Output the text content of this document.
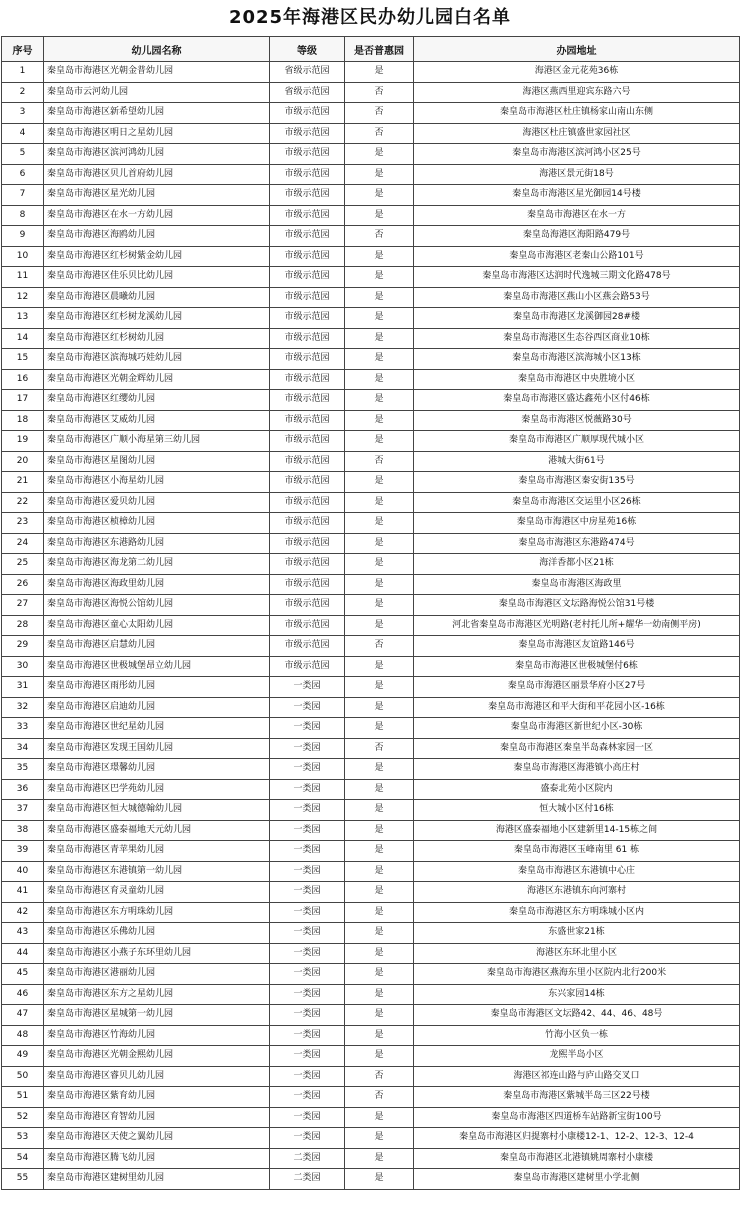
2025年海港区民办幼儿园白名单
序号	幼儿园名称	等级	是否普惠园	办园地址
1	秦皇岛市海港区光朝金普幼儿园	省级示范园	是	海港区金元花苑36栋
2	秦皇岛市云河幼儿园	省级示范园	否	海港区燕西里迎宾东路六号
3	秦皇岛市海港区新希望幼儿园	市级示范园	否	秦皇岛市海港区杜庄镇杨家山南山东侧
4	秦皇岛市海港区明日之星幼儿园	市级示范园	否	海港区杜庄镇盛世家园社区
5	秦皇岛市海港区滨河鸿幼儿园	市级示范园	是	秦皇岛市海港区滨河鸿小区25号
6	秦皇岛市海港区贝儿首府幼儿园	市级示范园	是	海港区景元街18号
7	秦皇岛市海港区星光幼儿园	市级示范园	是	秦皇岛市海港区星光御园14号楼
8	秦皇岛市海港区在水一方幼儿园	市级示范园	是	秦皇岛市海港区在水一方
9	秦皇岛市海港区海鸥幼儿园	市级示范园	否	秦皇岛海港区海阳路479号
10	秦皇岛市海港区红杉树紫金幼儿园	市级示范园	是	秦皇岛市海港区老秦山公路101号
11	秦皇岛市海港区佳乐贝比幼儿园	市级示范园	是	秦皇岛市海港区达润时代逸城三期文化路478号
12	秦皇岛市海港区晨曦幼儿园	市级示范园	是	秦皇岛市海港区燕山小区燕会路53号
13	秦皇岛市海港区红杉树龙溪幼儿园	市级示范园	是	秦皇岛市海港区龙溪御园28#楼
14	秦皇岛市海港区红杉树幼儿园	市级示范园	是	秦皇岛市海港区生态谷西区商业10栋
15	秦皇岛市海港区滨海城巧娃幼儿园	市级示范园	是	秦皇岛市海港区滨海城小区13栋
16	秦皇岛市海港区光朝金辉幼儿园	市级示范园	是	秦皇岛市海港区中央胜境小区
17	秦皇岛市海港区红缨幼儿园	市级示范园	是	秦皇岛市海港区盛达鑫苑小区付46栋
18	秦皇岛市海港区艾威幼儿园	市级示范园	是	秦皇岛市海港区悦薇路30号
19	秦皇岛市海港区广顺小海星第三幼儿园	市级示范园	是	秦皇岛市海港区广顺厚现代城小区
20	秦皇岛市海港区星图幼儿园	市级示范园	否	港城大街61号
21	秦皇岛市海港区小海星幼儿园	市级示范园	是	秦皇岛市海港区秦安街135号
22	秦皇岛市海港区爱贝幼儿园	市级示范园	是	秦皇岛市海港区交运里小区26栋
23	秦皇岛市海港区桢樟幼儿园	市级示范园	是	秦皇岛市海港区中房星苑16栋
24	秦皇岛市海港区东港路幼儿园	市级示范园	是	秦皇岛市海港区东港路474号
25	秦皇岛市海港区海龙第二幼儿园	市级示范园	是	海洋香都小区21栋
26	秦皇岛市海港区海政里幼儿园	市级示范园	是	秦皇岛市海港区海政里
27	秦皇岛市海港区海悦公馆幼儿园	市级示范园	是	秦皇岛市海港区文坛路海悦公馆31号楼
28	秦皇岛市海港区童心太阳幼儿园	市级示范园	是	河北省秦皇岛市海港区光明路(老村托儿所+耀华一幼南侧平房)
29	秦皇岛市海港区启慧幼儿园	市级示范园	否	秦皇岛市海港区友谊路146号
30	秦皇岛市海港区世极城堡昂立幼儿园	市级示范园	是	秦皇岛市海港区世极城堡付6栋
31	秦皇岛市海港区雨彤幼儿园	一类园	是	秦皇岛市海港区丽景华府小区27号
32	秦皇岛市海港区启迪幼儿园	一类园	是	秦皇岛市海港区和平大街和平花园小区-16栋
33	秦皇岛市海港区世纪星幼儿园	一类园	是	秦皇岛市海港区新世纪小区-30栋
34	秦皇岛市海港区发现王国幼儿园	一类园	否	秦皇岛市海港区秦皇半岛森林家园一区
35	秦皇岛市海港区璟馨幼儿园	一类园	是	秦皇岛市海港区海港镇小高庄村
36	秦皇岛市海港区巴学苑幼儿园	一类园	是	盛泰北苑小区院内
37	秦皇岛市海港区恒大城德翰幼儿园	一类园	是	恒大城小区付16栋
38	秦皇岛市海港区盛泰福地天元幼儿园	一类园	是	海港区盛泰福地小区建新里14-15栋之间
39	秦皇岛市海港区青苹果幼儿园	一类园	是	秦皇岛市海港区玉峰南里 61 栋
40	秦皇岛市海港区东港镇第一幼儿园	一类园	是	秦皇岛市海港区东港镇中心庄
41	秦皇岛市海港区育灵童幼儿园	一类园	是	海港区东港镇东向河寨村
42	秦皇岛市海港区东方明珠幼儿园	一类园	是	秦皇岛市海港区东方明珠城小区内
43	秦皇岛市海港区乐佛幼儿园	一类园	是	东盛世家21栋
44	秦皇岛市海港区小燕子东环里幼儿园	一类园	是	海港区东环北里小区
45	秦皇岛市海港区港丽幼儿园	一类园	是	秦皇岛市海港区燕海东里小区院内北行200米
46	秦皇岛市海港区东方之星幼儿园	一类园	是	东兴家园14栋
47	秦皇岛市海港区星城第一幼儿园	一类园	是	秦皇岛市海港区文坛路42、44、46、48号
48	秦皇岛市海港区竹海幼儿园	一类园	是	竹海小区负一栋
49	秦皇岛市海港区光朝金熙幼儿园	一类园	是	龙熙半岛小区
50	秦皇岛市海港区睿贝儿幼儿园	一类园	否	海港区祁连山路与庐山路交叉口
51	秦皇岛市海港区紫育幼儿园	一类园	否	秦皇岛市海港区紫城半岛三区22号楼
52	秦皇岛市海港区育智幼儿园	一类园	是	秦皇岛市海港区四道桥车站路新宝街100号
53	秦皇岛市海港区天使之翼幼儿园	一类园	是	秦皇岛市海港区归提寨村小康楼12-1、12-2、12-3、12-4
54	秦皇岛市海港区腾飞幼儿园	二类园	是	秦皇岛市海港区北港镇姚周寨村小康楼
55	秦皇岛市海港区建树里幼儿园	二类园	是	秦皇岛市海港区建树里小学北侧
